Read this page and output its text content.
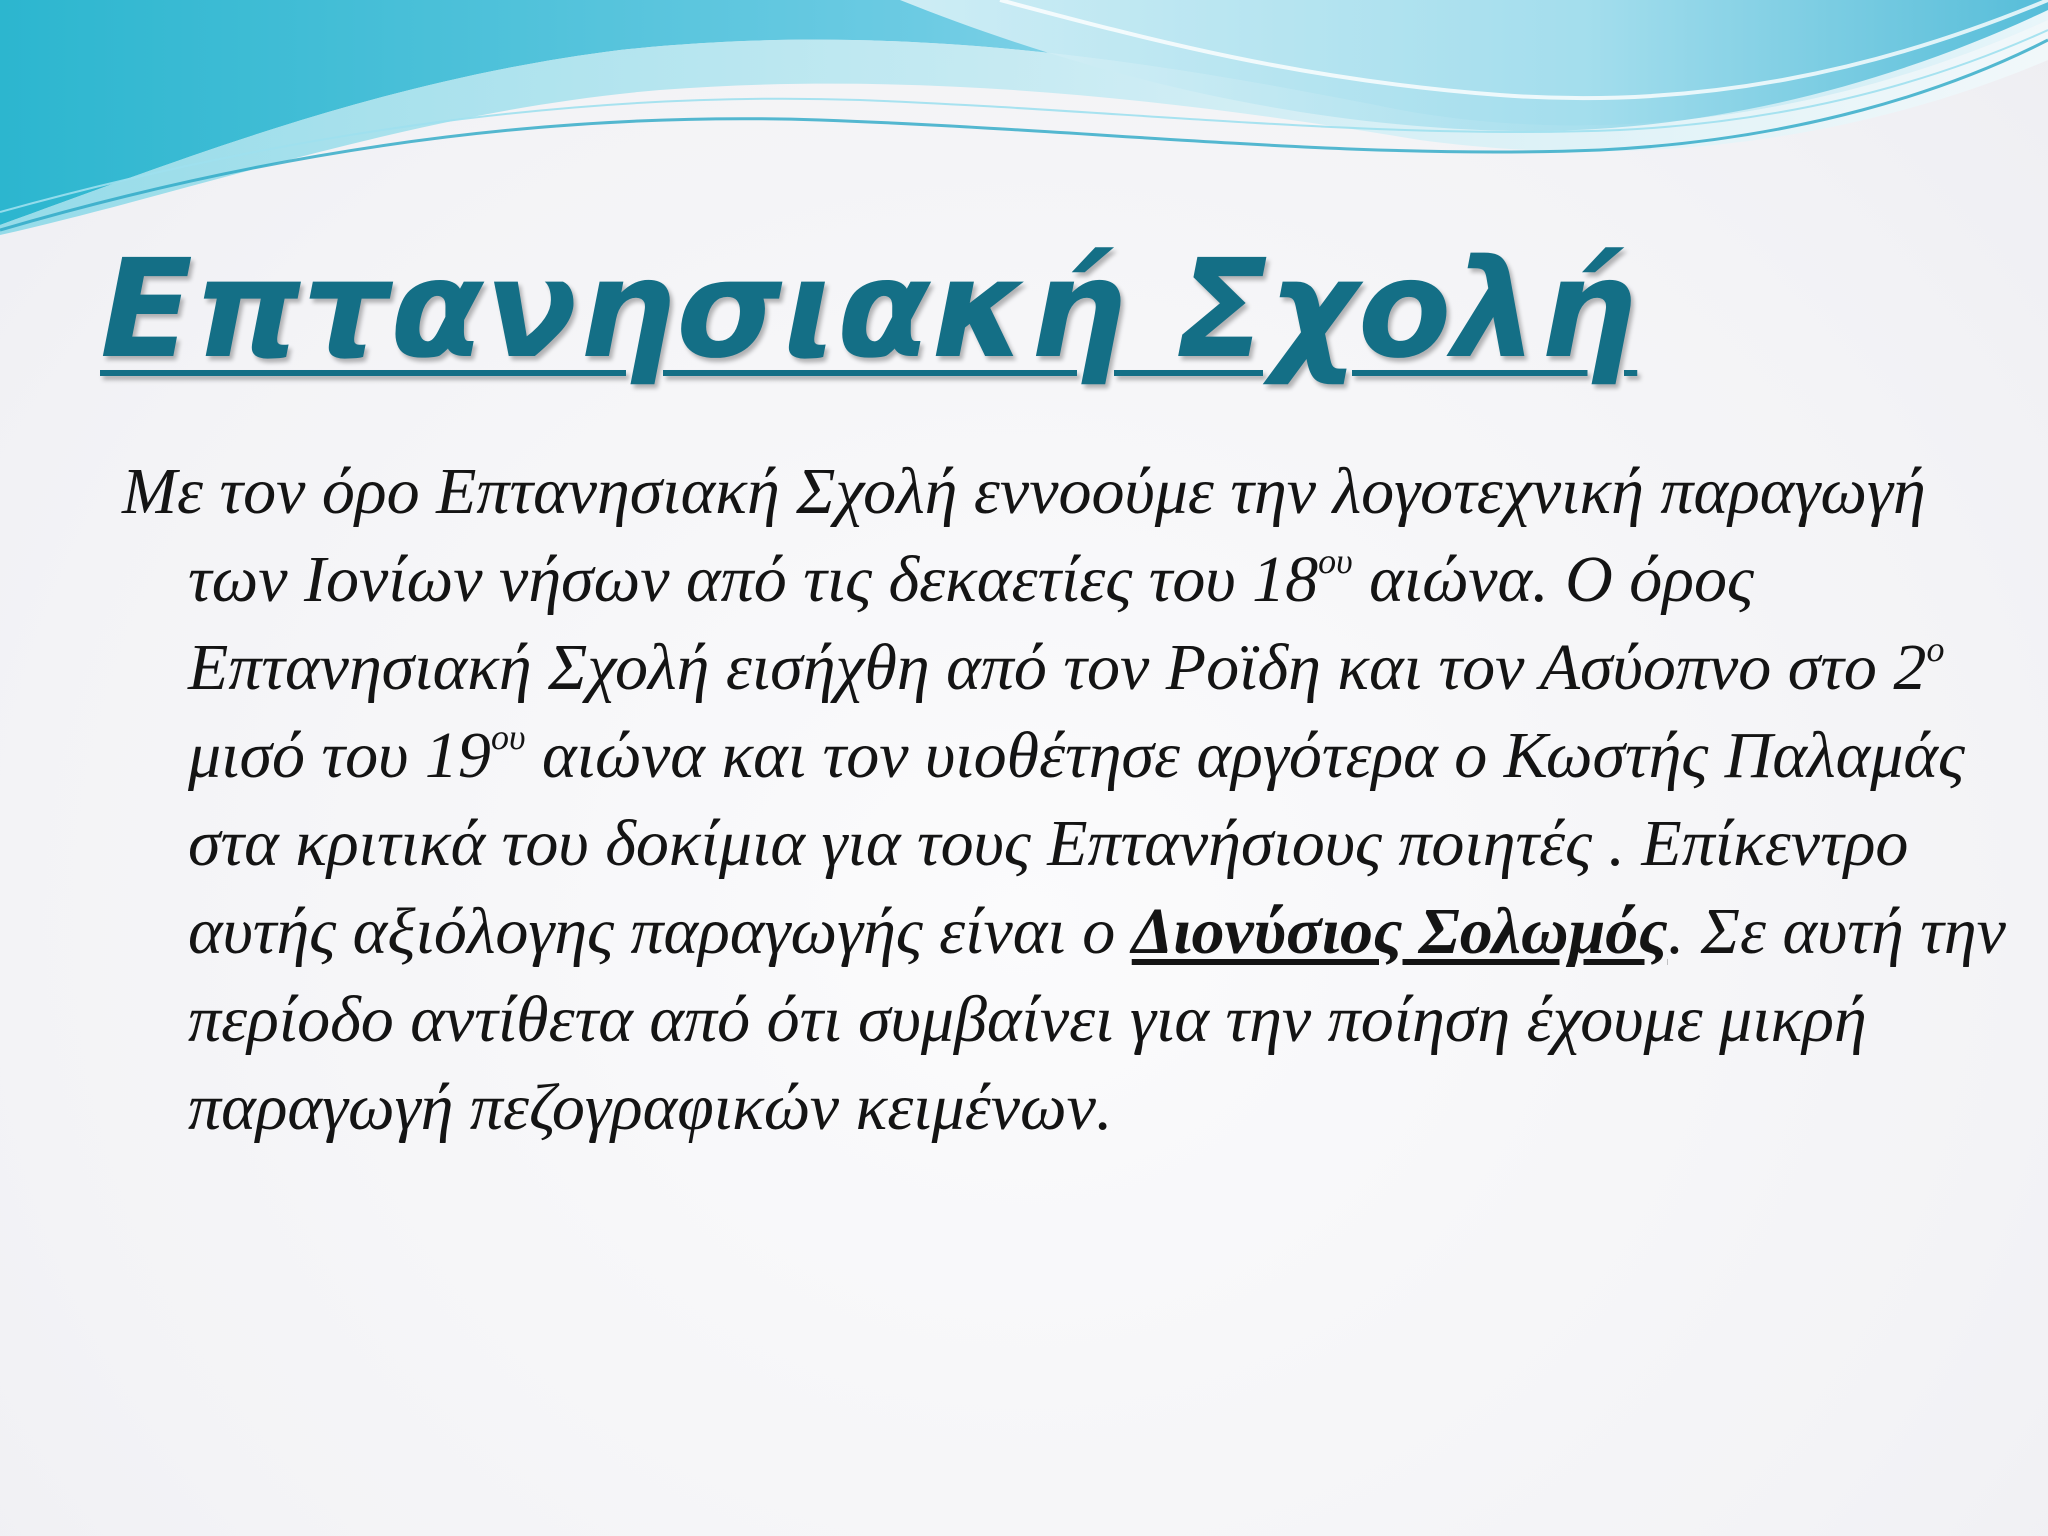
Επτανησιακή Σχολή

Με τον όρο Επτανησιακή Σχολή εννοούμε την λογοτεχνική παραγωγή των Ιονίων νήσων από τις δεκαετίες του $18^{o\upsilon}$ αιώνα. Ο όρος Επτανησιακή Σχολή εισήχθη από τον Ροϊδη και τον Ασύοπνο στο $2^o$ μισό του $19^{o\upsilon}$ αιώνα και τον υιοθέτησε αργότερα ο Κωστής Παλαμάς στα κριτικά του δοκίμια για τους Επτανήσιους ποιητές . Επίκεντρο αυτής αξιόλογης παραγωγής είναι ο Διονύσιος Σολωμός. Σε αυτή την περίοδο αντίθετα από ότι συμβαίνει για την ποίηση έχουμε μικρή παραγωγή πεζογραφικών κειμένων.
